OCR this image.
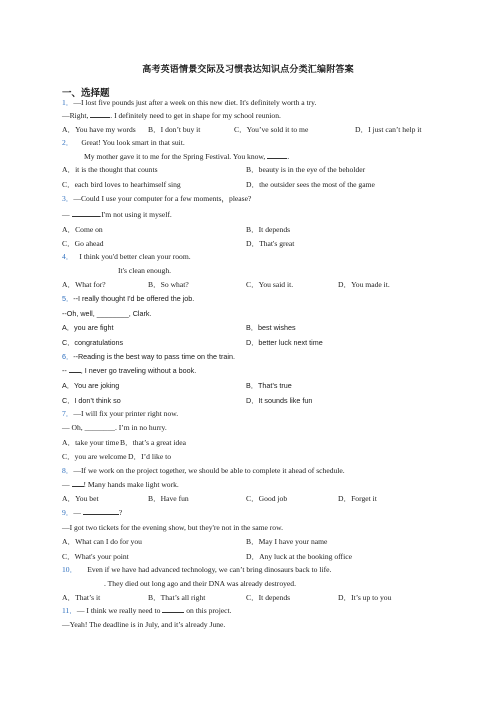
高考英语情景交际及习惯表达知识点分类汇编附答案
一、选择题
1．—I lost five pounds just after a week on this new diet. It's definitely worth a try.
—Right,	. I definitely need to get in shape for my school reunion.
A．You have my words B．I don’t buy it	C．You’ve sold it to me	D．I just can’t help it
2． Great! You look smart in that suit.
My mother gave it to me for the Spring Festival. You know,	.
A．it is the thought that counts	B．beauty is in the eye of the beholder
C．each bird loves to hearhimself sing	D．the outsider sees the most of the game
3．—Could I use your computer for a few moments，please?
—	.I'm not using it myself.
A．Come on	B．It depends
C．Go ahead	D．That's great
4． I think you'd better clean your room.
It's clean enough.
A．What for?	B．So what?	C．You said it.	D．You made it.
5．--I really thought I'd be offered the job.
--Oh, well, ________, Clark.
A．you are fight	B．best wishes
C．congratulations	D．better luck next time
6．--Reading is the best way to pass time on the train.
-- , I never go traveling without a book.
A．You are joking	B．That’s true
C．I don’t think so	D．It sounds like fun
7．—I will fix your printer right now.
— Oh, ________. I’m in no hurry.
A．take your time B．that’s a great idea
C．you are welcome D．I’d like to
8．—If we work on the project together, we should be able to complete it ahead of schedule.
— ! Many hands make light work.
A．You bet	B．Have fun	C．Good job	D．Forget it
9．—	?
—I got two tickets for the evening show, but they're not in the same row.
A．What can I do for you	B．May I have your name
C．What's your point	D．Any luck at the booking office
10． Even if we have had advanced technology, we can’t bring dinosaurs back to life.
. They died out long ago and their DNA was already destroyed.
A．That’s it	B．That’s all right	C．It depends	D．It’s up to you
11．— I think we really need to	on this project.
—Yeah! The deadline is in July, and it’s already June.
